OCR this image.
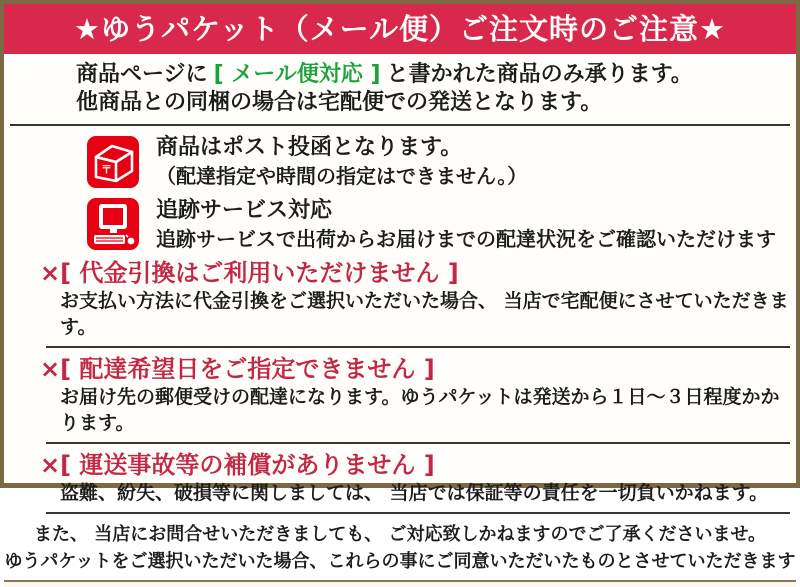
★ゆうパケット（メール便）ご注文時のご注意★
商品ページに [ メール便対応 ] と書かれた商品のみ承ります。
他商品との同梱の場合は宅配便での発送となります。
〒
商品はポスト投函となります。
（配達指定や時間の指定はできません。）
追跡サービス対応
追跡サービスで出荷からお届けまでの配達状況をご確認いただけます
×[ 代金引換はご利用いただけません ]
お支払い方法に代金引換をご選択いただいた場合、 当店で宅配便にさせていただきます。
×[ 配達希望日をご指定できません ]
お届け先の郵便受けの配達になります。ゆうパケットは発送から１日～３日程度かかります。
×[ 運送事故等の補償がありません ]
盗難、紛失、破損等に関しましては、 当店では保証等の責任を一切負いかねます。
また、 当店にお問合せいただきましても、 ご対応致しかねますのでご了承くださいませ。
ゆうパケットをご選択いただいた場合、これらの事にご同意いただいたものとさせていただきます
